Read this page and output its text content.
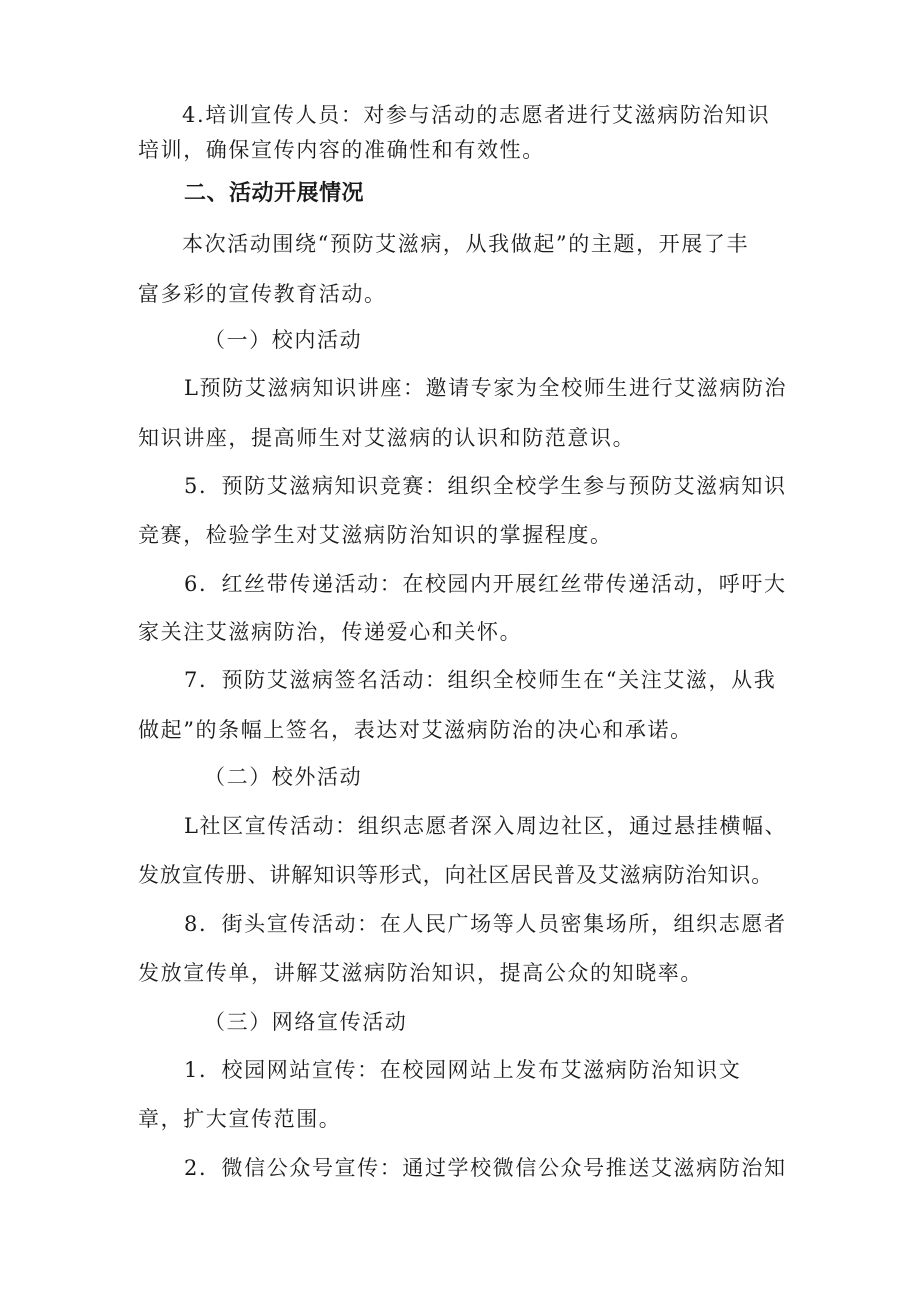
4.培训宣传人员：对参与活动的志愿者进行艾滋病防治知识
培训，确保宣传内容的准确性和有效性。
二、活动开展情况
本次活动围绕“预防艾滋病，从我做起”的主题，开展了丰
富多彩的宣传教育活动。
（一）校内活动
L预防艾滋病知识讲座：邀请专家为全校师生进行艾滋病防治
知识讲座，提高师生对艾滋病的认识和防范意识。
5．预防艾滋病知识竞赛：组织全校学生参与预防艾滋病知识
竞赛，检验学生对艾滋病防治知识的掌握程度。
6．红丝带传递活动：在校园内开展红丝带传递活动，呼吁大
家关注艾滋病防治，传递爱心和关怀。
7．预防艾滋病签名活动：组织全校师生在“关注艾滋，从我
做起”的条幅上签名，表达对艾滋病防治的决心和承诺。
（二）校外活动
L社区宣传活动：组织志愿者深入周边社区，通过悬挂横幅、
发放宣传册、讲解知识等形式，向社区居民普及艾滋病防治知识。
8．街头宣传活动：在人民广场等人员密集场所，组织志愿者
发放宣传单，讲解艾滋病防治知识，提高公众的知晓率。
（三）网络宣传活动
1．校园网站宣传：在校园网站上发布艾滋病防治知识文
章，扩大宣传范围。
2．微信公众号宣传：通过学校微信公众号推送艾滋病防治知
